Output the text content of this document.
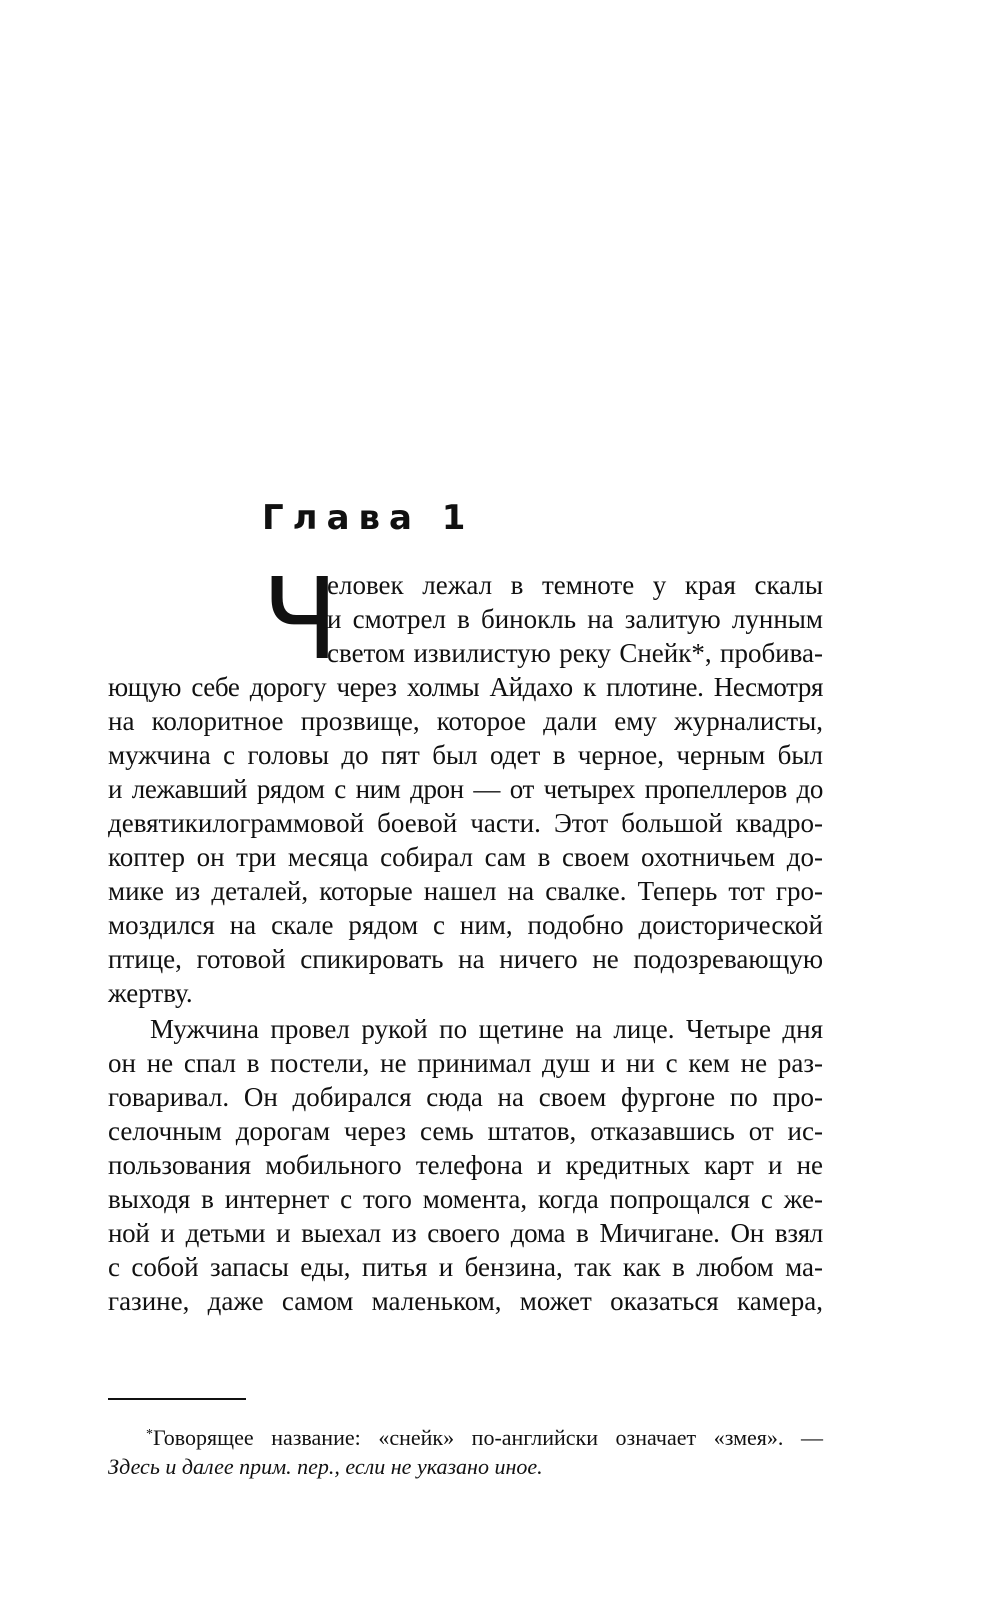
Глава 1
Ч
еловек лежал в темноте у края скалы
и смотрел в бинокль на залитую лунным
светом извилистую реку Снейк*, пробива-
ющую себе дорогу через холмы Айдахо к плотине. Несмотря
на колоритное прозвище, которое дали ему журналисты,
мужчина с головы до пят был одет в черное, черным был
и лежавший рядом с ним дрон — от четырех пропеллеров до
девятикилограммовой боевой части. Этот большой квадро-
коптер он три месяца собирал сам в своем охотничьем до-
мике из деталей, которые нашел на свалке. Теперь тот гро-
моздился на скале рядом с ним, подобно доисторической
птице, готовой спикировать на ничего не подозревающую
жертву.
Мужчина провел рукой по щетине на лице. Четыре дня
он не спал в постели, не принимал душ и ни с кем не раз-
говаривал. Он добирался сюда на своем фургоне по про-
селочным дорогам через семь штатов, отказавшись от ис-
пользования мобильного телефона и кредитных карт и не
выходя в интернет с того момента, когда попрощался с же-
ной и детьми и выехал из своего дома в Мичигане. Он взял
с собой запасы еды, питья и бензина, так как в любом ма-
газине, даже самом маленьком, может оказаться камера,
*Говорящее название: «снейк» по-английски означает «змея». —
Здесь и далее прим. пер., если не указано иное.
